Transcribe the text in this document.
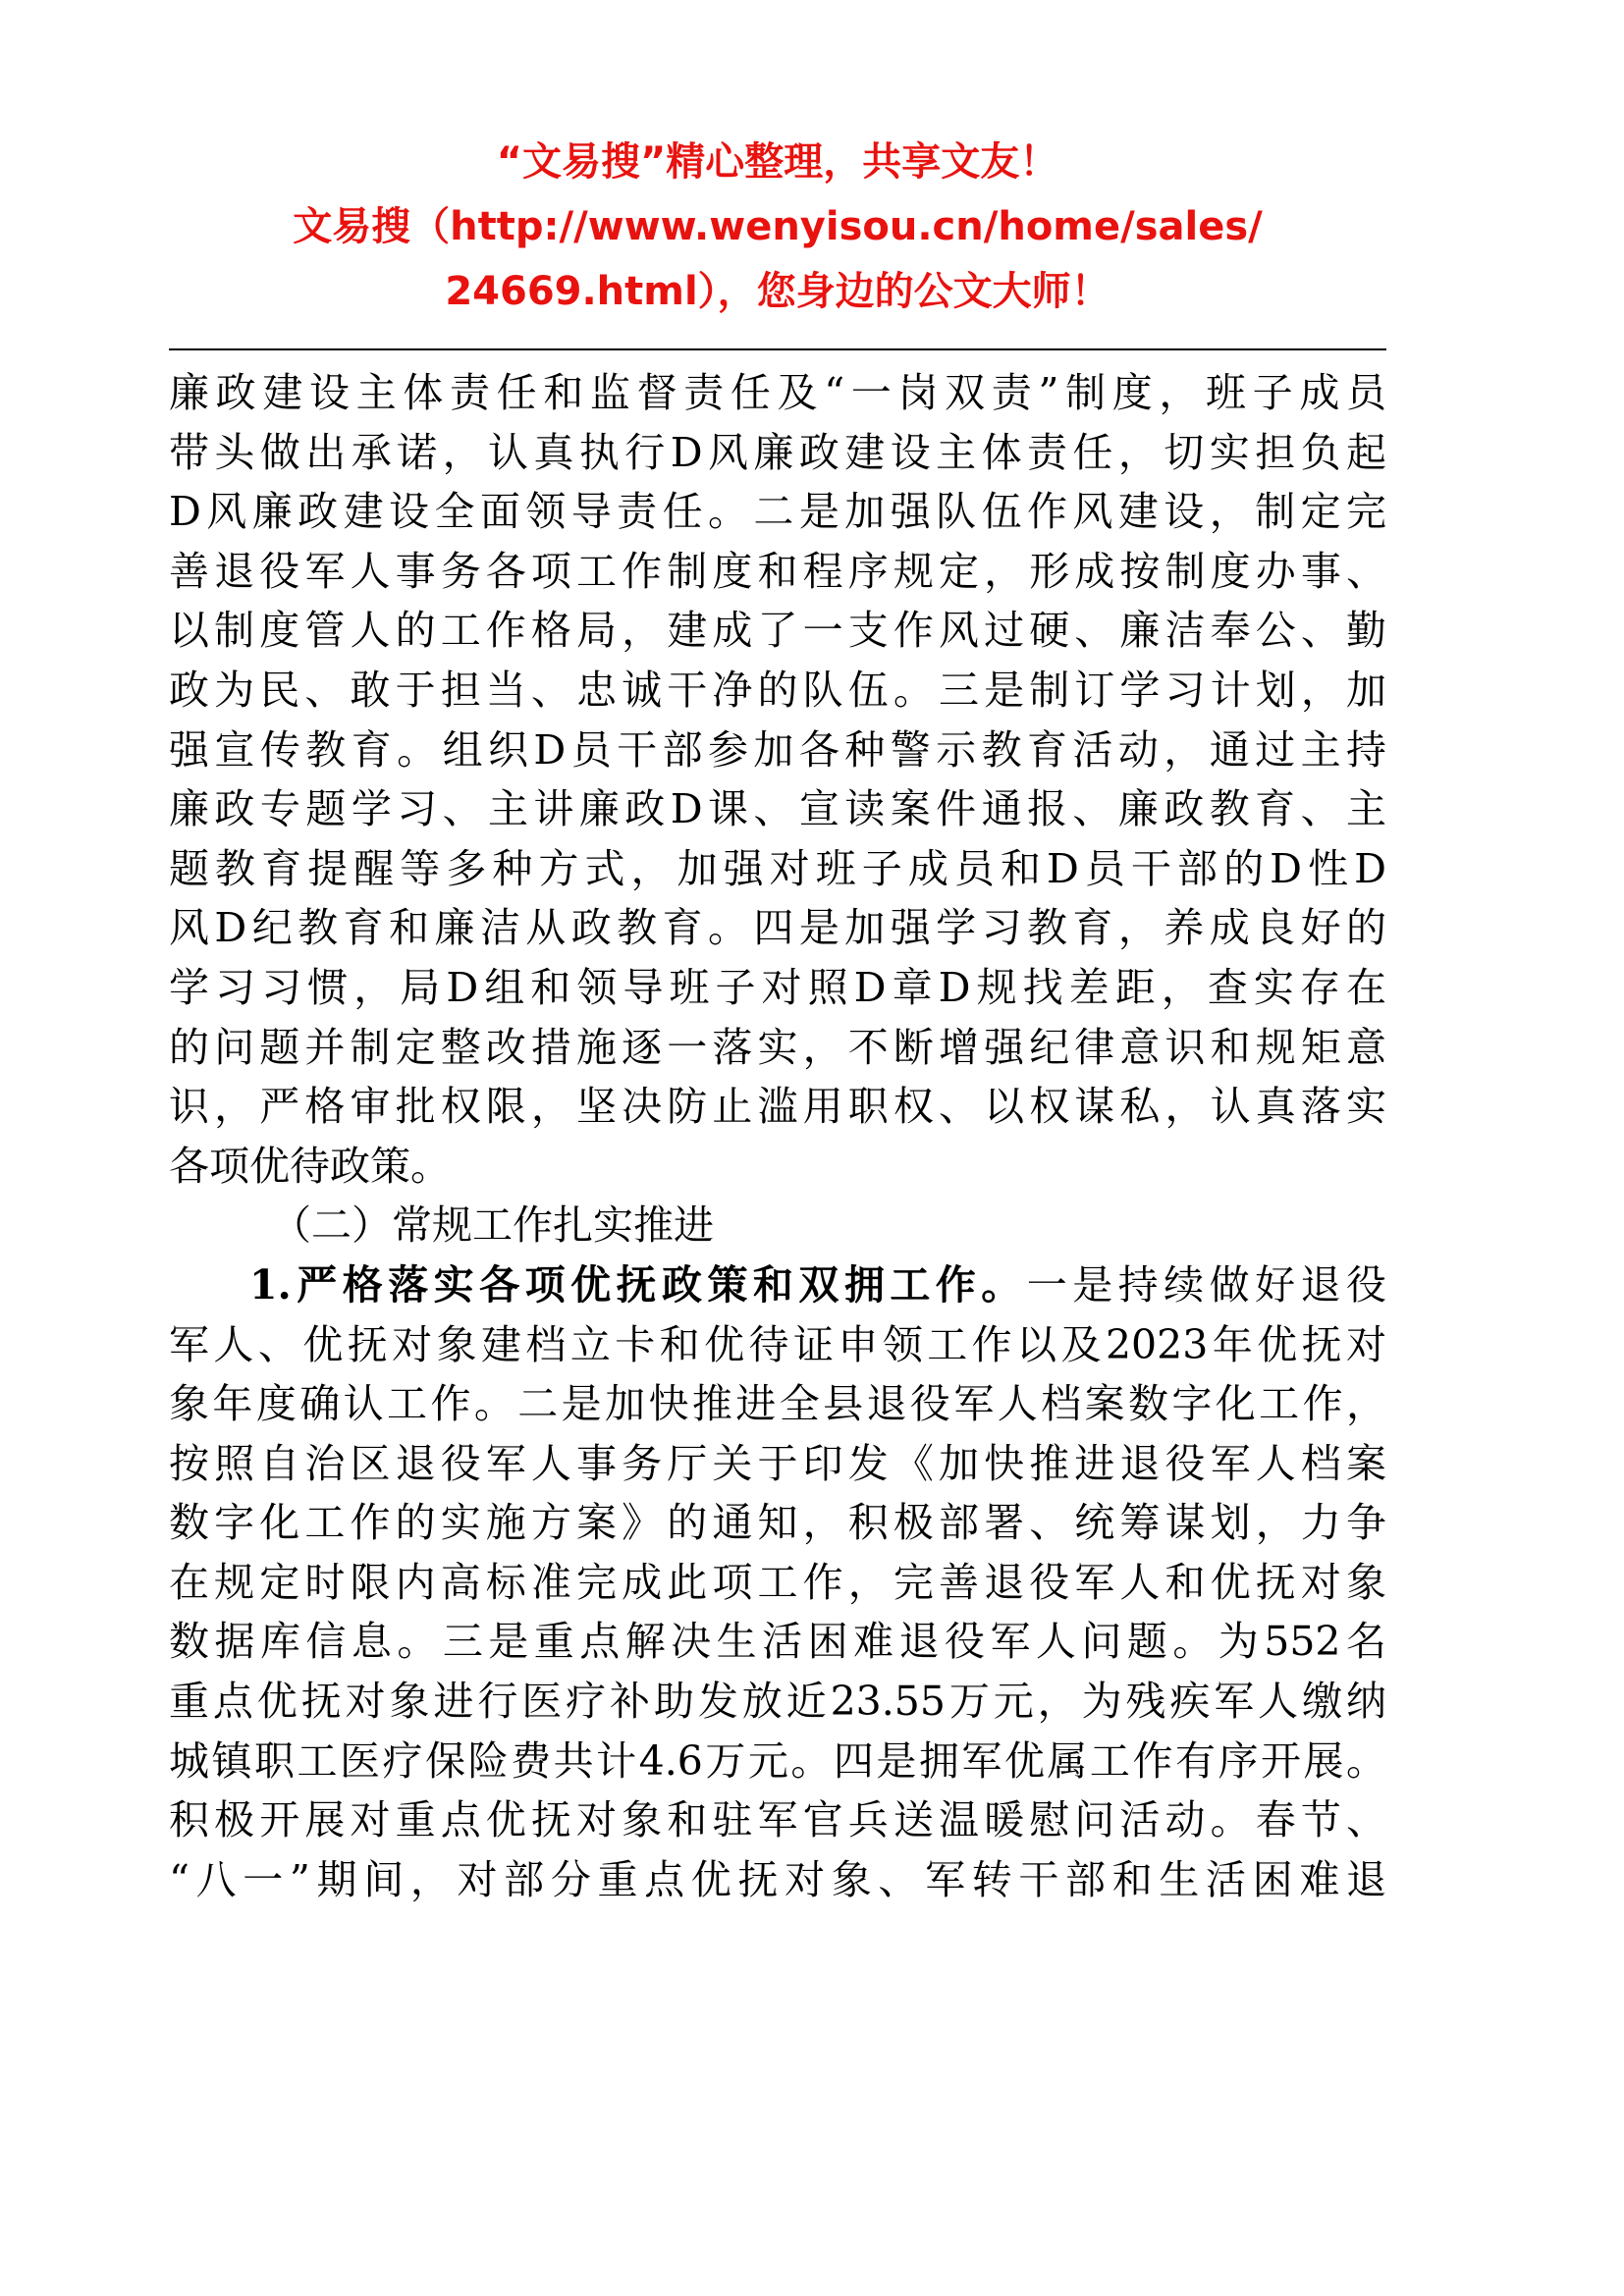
“文易搜”精心整理，共享文友！
文易搜（http://www.wenyisou.cn/home/sales/
24669.html），您身边的公文大师！
廉政建设主体责任和监督责任及“一岗双责”制度，班子成员
带头做出承诺，认真执行D风廉政建设主体责任，切实担负起
D风廉政建设全面领导责任。二是加强队伍作风建设，制定完
善退役军人事务各项工作制度和程序规定，形成按制度办事、
以制度管人的工作格局，建成了一支作风过硬、廉洁奉公、勤
政为民、敢于担当、忠诚干净的队伍。三是制订学习计划，加
强宣传教育。组织D员干部参加各种警示教育活动，通过主持
廉政专题学习、主讲廉政D课、宣读案件通报、廉政教育、主
题教育提醒等多种方式，加强对班子成员和D员干部的D性D
风D纪教育和廉洁从政教育。四是加强学习教育，养成良好的
学习习惯，局D组和领导班子对照D章D规找差距，查实存在
的问题并制定整改措施逐一落实，不断增强纪律意识和规矩意
识，严格审批权限，坚决防止滥用职权、以权谋私，认真落实
各项优待政策。
（二）常规工作扎实推进
1.严格落实各项优抚政策和双拥工作。一是持续做好退役
军人、优抚对象建档立卡和优待证申领工作以及2023年优抚对
象年度确认工作。二是加快推进全县退役军人档案数字化工作，
按照自治区退役军人事务厅关于印发《加快推进退役军人档案
数字化工作的实施方案》的通知，积极部署、统筹谋划，力争
在规定时限内高标准完成此项工作，完善退役军人和优抚对象
数据库信息。三是重点解决生活困难退役军人问题。为552名
重点优抚对象进行医疗补助发放近23.55万元，为残疾军人缴纳
城镇职工医疗保险费共计4.6万元。四是拥军优属工作有序开展。
积极开展对重点优抚对象和驻军官兵送温暖慰问活动。春节、
“八一”期间，对部分重点优抚对象、军转干部和生活困难退
